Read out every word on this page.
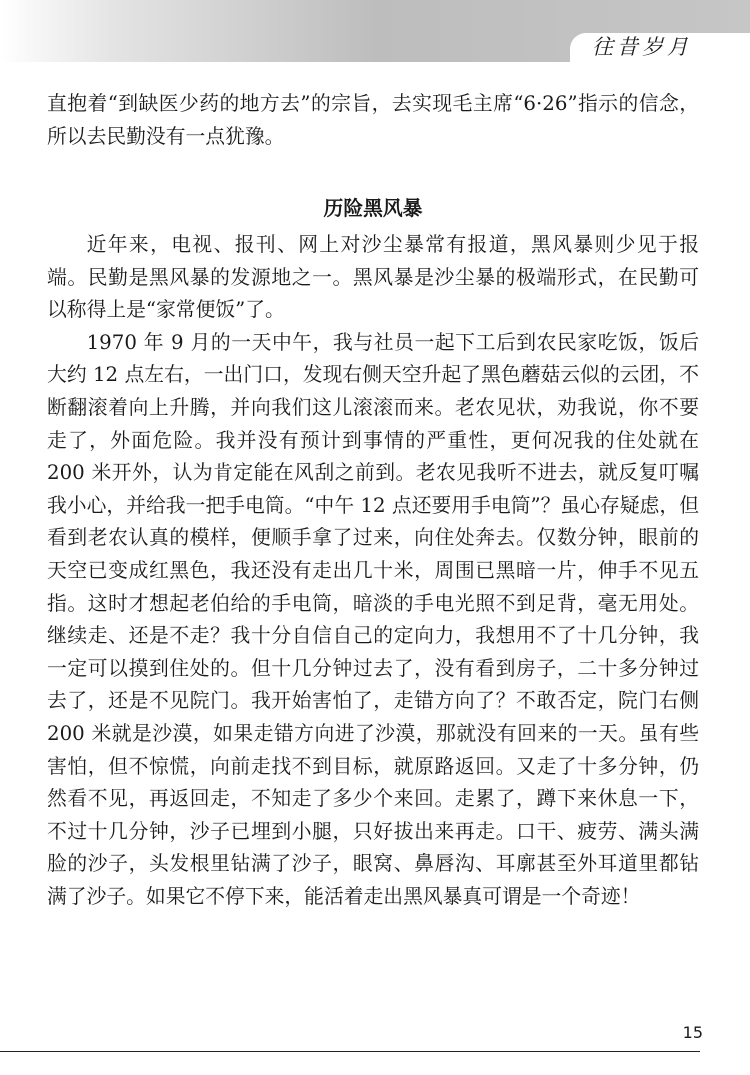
往昔岁月

直抱着“到缺医少药的地方去”的宗旨，去实现毛主席“6·26”指示的信念，所以去民勤没有一点犹豫。

历险黑风暴

近年来，电视、报刊、网上对沙尘暴常有报道，黑风暴则少见于报端。民勤是黑风暴的发源地之一。黑风暴是沙尘暴的极端形式，在民勤可以称得上是“家常便饭”了。

1970 年 9 月的一天中午，我与社员一起下工后到农民家吃饭，饭后大约 12 点左右，一出门口，发现右侧天空升起了黑色蘑菇云似的云团，不断翻滚着向上升腾，并向我们这儿滚滚而来。老农见状，劝我说，你不要走了，外面危险。我并没有预计到事情的严重性，更何况我的住处就在 200 米开外，认为肯定能在风刮之前到。老农见我听不进去，就反复叮嘱我小心，并给我一把手电筒。“中午 12 点还要用手电筒”？虽心存疑虑，但看到老农认真的模样，便顺手拿了过来，向住处奔去。仅数分钟，眼前的天空已变成红黑色，我还没有走出几十米，周围已黑暗一片，伸手不见五指。这时才想起老伯给的手电筒，暗淡的手电光照不到足背，毫无用处。继续走、还是不走？我十分自信自己的定向力，我想用不了十几分钟，我一定可以摸到住处的。但十几分钟过去了，没有看到房子，二十多分钟过去了，还是不见院门。我开始害怕了，走错方向了？不敢否定，院门右侧 200 米就是沙漠，如果走错方向进了沙漠，那就没有回来的一天。虽有些害怕，但不惊慌，向前走找不到目标，就原路返回。又走了十多分钟，仍然看不见，再返回走，不知走了多少个来回。走累了，蹲下来休息一下，不过十几分钟，沙子已埋到小腿，只好拔出来再走。口干、疲劳、满头满脸的沙子，头发根里钻满了沙子，眼窝、鼻唇沟、耳廓甚至外耳道里都钻满了沙子。如果它不停下来，能活着走出黑风暴真可谓是一个奇迹！

15
